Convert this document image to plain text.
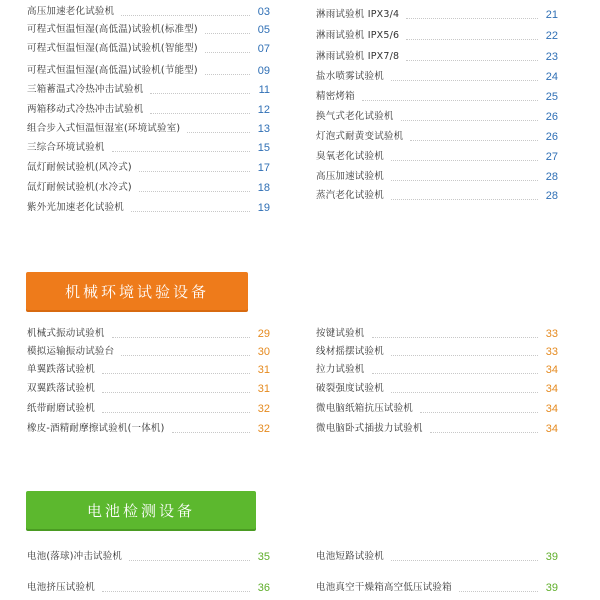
高压加速老化试验机	03
可程式恒温恒湿(高低温)试验机(标准型)	05
可程式恒温恒湿(高低温)试验机(智能型)	07
可程式恒温恒湿(高低温)试验机(节能型)	09
三箱蓄温式冷热冲击试验机	11
两箱移动式冷热冲击试验机	12
组合步入式恒温恒湿室(环境试验室)	13
三综合环境试验机	15
氙灯耐候试验机(风冷式)	17
氙灯耐候试验机(水冷式)	18
紫外光加速老化试验机	19
淋雨试验机 IPX3/4	21
淋雨试验机 IPX5/6	22
淋雨试验机 IPX7/8	23
盐水喷雾试验机	24
精密烤箱	25
换气式老化试验机	26
灯泡式耐黄变试验机	26
臭氧老化试验机	27
高压加速试验机	28
蒸汽老化试验机	28
机械环境试验设备
机械式振动试验机	29
模拟运输振动试验台	30
单翼跌落试验机	31
双翼跌落试验机	31
纸带耐磨试验机	32
橡皮-酒精耐摩擦试验机(一体机)	32
按键试验机	33
线材摇摆试验机	33
拉力试验机	34
破裂强度试验机	34
微电脑纸箱抗压试验机	34
微电脑卧式插拔力试验机	34
电池检测设备
电池(落球)冲击试验机	35
电池挤压试验机	36
电池短路试验机	39
电池真空干燥箱高空低压试验箱	39
